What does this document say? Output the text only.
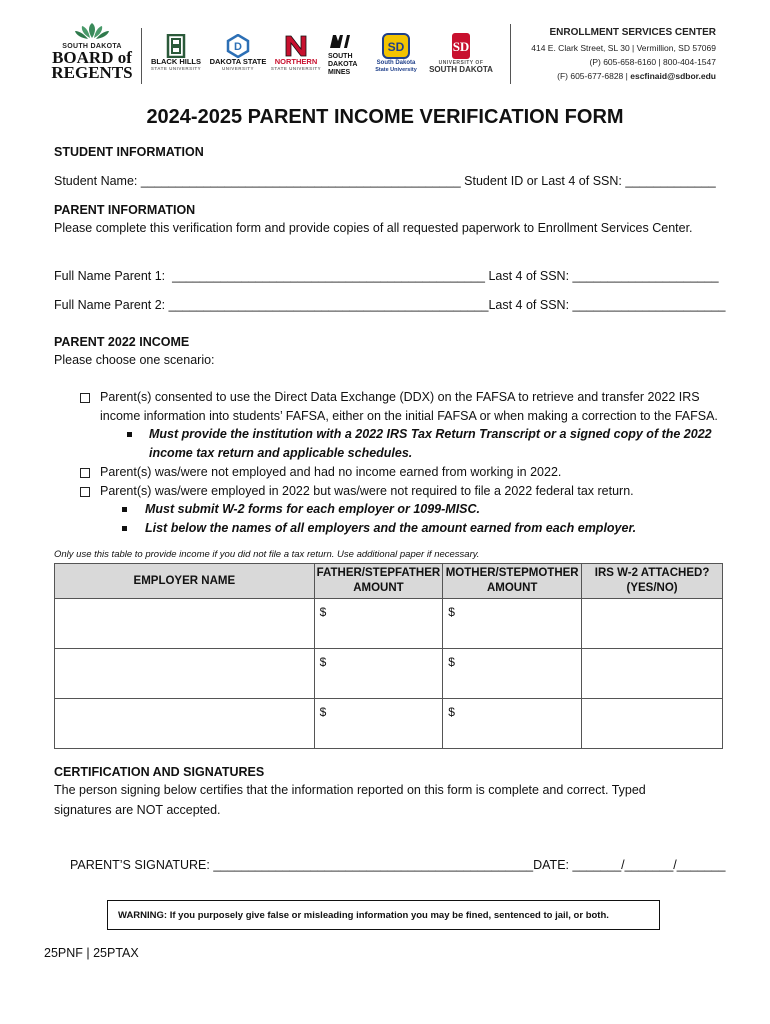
SOUTH DAKOTA
BOARD of
REGENTS
BLACK HILLS
STATE UNIVERSITY
D
DAKOTA STATE
UNIVERSITY
NORTHERN
STATE UNIVERSITY
SOUTH DAKOTA MINES
SD
South Dakota
State University
SD
UNIVERSITY OF
SOUTH DAKOTA
ENROLLMENT SERVICES CENTER
414 E. Clark Street, SL 30 | Vermillion, SD 57069
(P) 605-658-6160 | 800-404-1547
(F) 605-677-6828 | escfinaid@sdbor.edu
2024-2025 PARENT INCOME VERIFICATION FORM
STUDENT INFORMATION
Student Name: ______________________________________________ Student ID or Last 4 of SSN: _____________
PARENT INFORMATION
Please complete this verification form and provide copies of all requested paperwork to Enrollment Services Center.
Full Name Parent 1:  _____________________________________________ Last 4 of SSN: _____________________
Full Name Parent 2: ______________________________________________Last 4 of SSN: ______________________
PARENT 2022 INCOME
Please choose one scenario:
Parent(s) consented to use the Direct Data Exchange (DDX) on the FAFSA to retrieve and transfer 2022 IRS
income information into students’ FAFSA, either on the initial FAFSA or when making a correction to the FAFSA.
Must provide the institution with a 2022 IRS Tax Return Transcript or a signed copy of the 2022
income tax return and applicable schedules.
Parent(s) was/were not employed and had no income earned from working in 2022.
Parent(s) was/were employed in 2022 but was/were not required to file a 2022 federal tax return.
Must submit W-2 forms for each employer or 1099-MISC.
List below the names of all employers and the amount earned from each employer.
Only use this table to provide income if you did not file a tax return. Use additional paper if necessary.
EMPLOYER NAME	FATHER/STEPFATHER AMOUNT	MOTHER/STEPMOTHER AMOUNT	IRS W-2 ATTACHED? (YES/NO)
	$	$	
	$	$	
	$	$	
CERTIFICATION AND SIGNATURES
The person signing below certifies that the information reported on this form is complete and correct. Typed
signatures are NOT accepted.
PARENT’S SIGNATURE: ______________________________________________DATE: _______/_______/_______
WARNING: If you purposely give false or misleading information you may be fined, sentenced to jail, or both.
25PNF | 25PTAX
